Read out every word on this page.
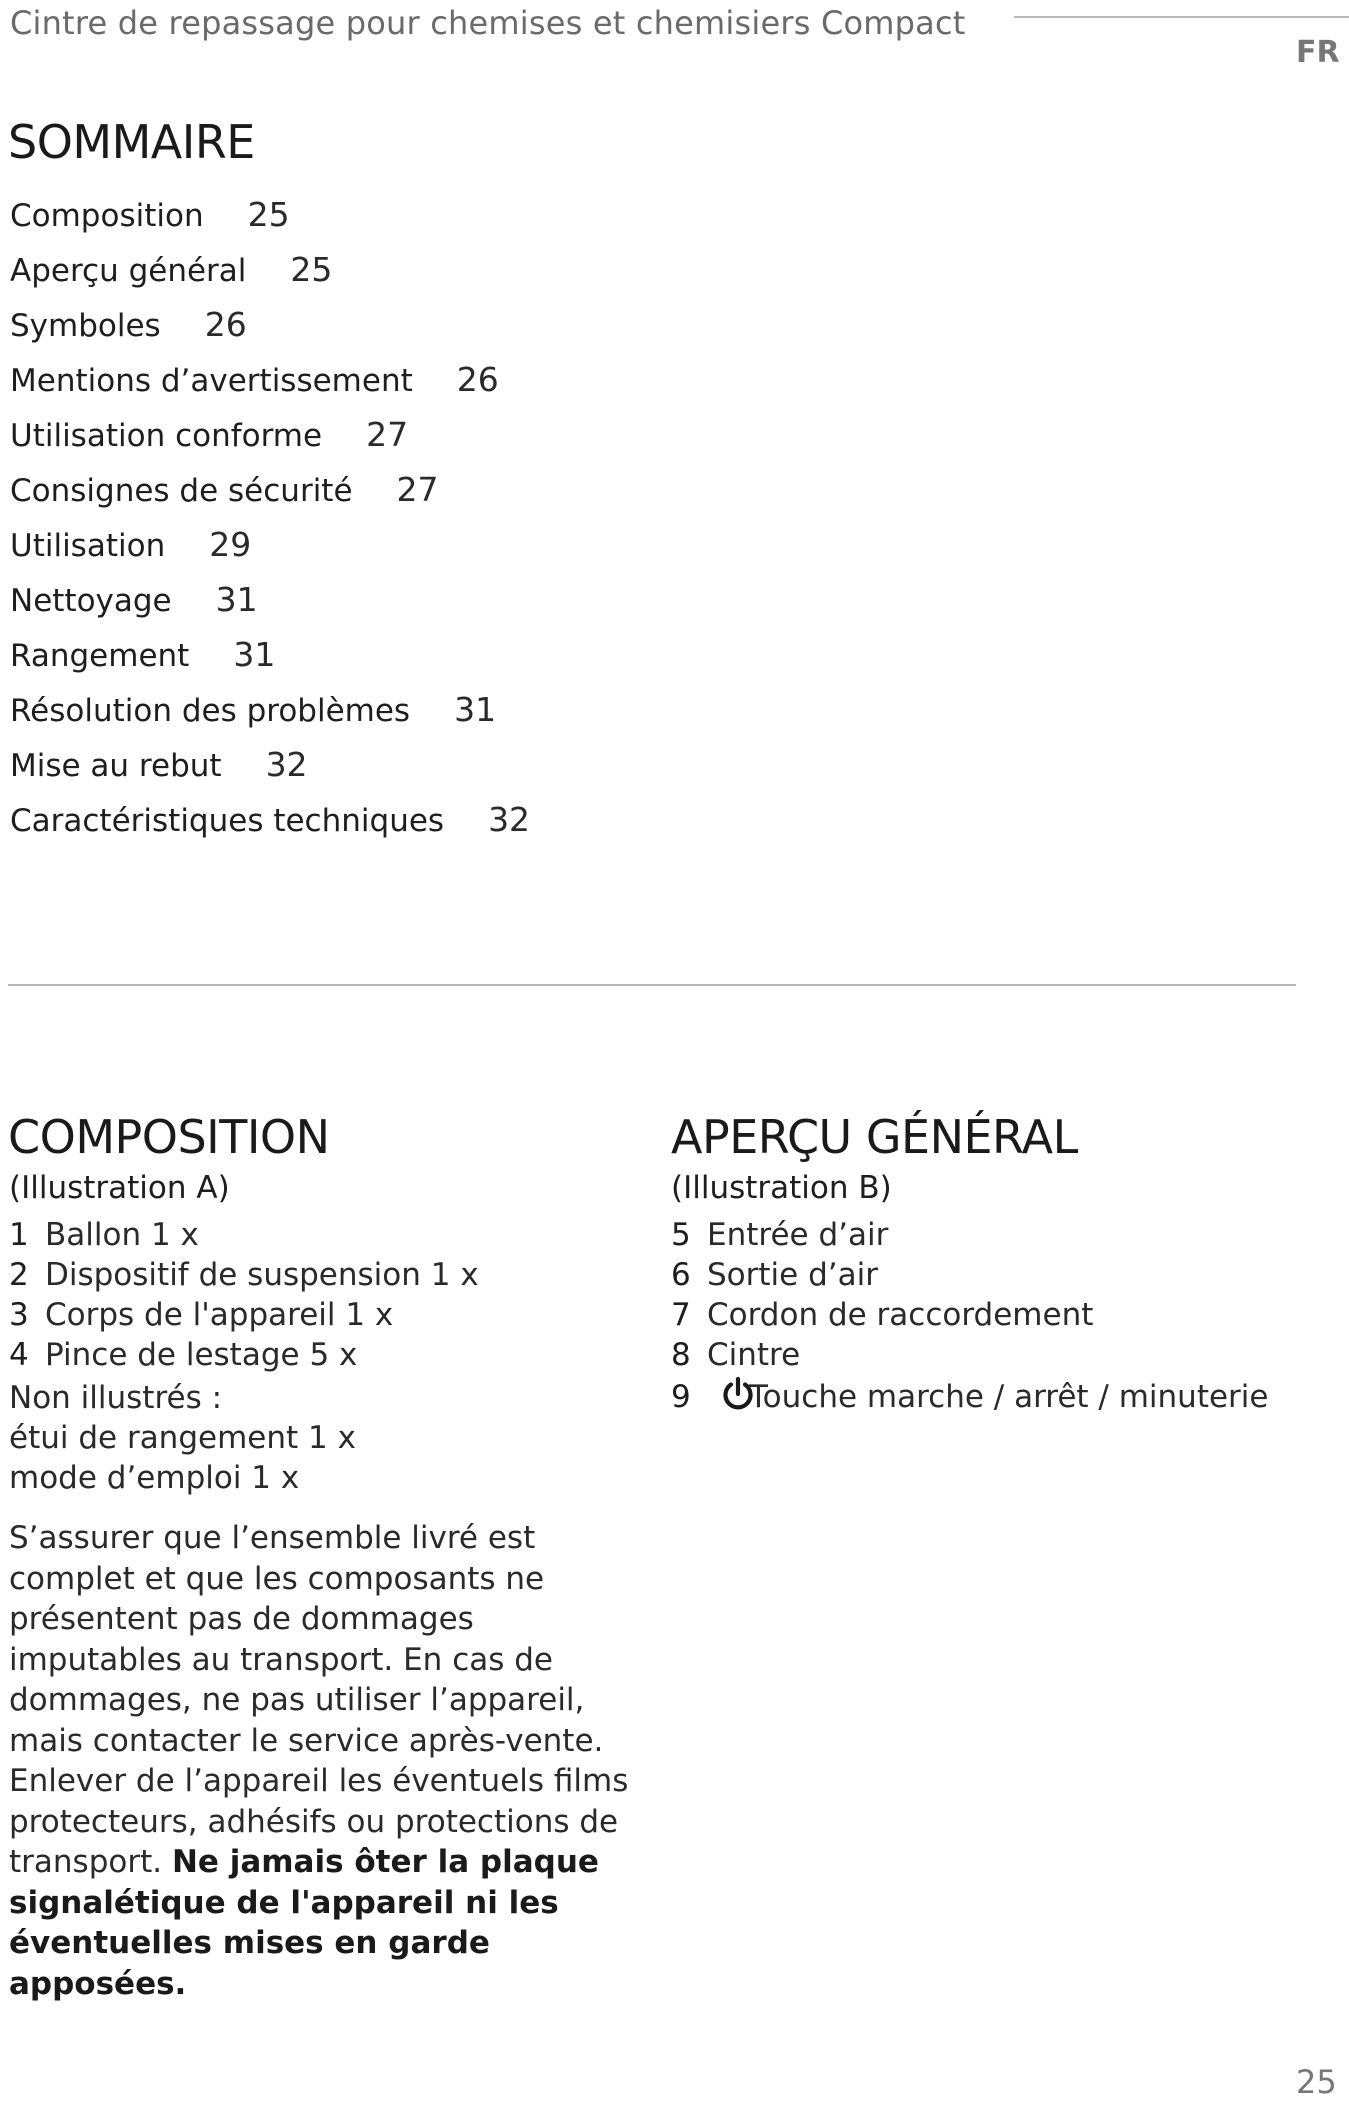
Cintre de repassage pour chemises et chemisiers Compact
FR
SOMMAIRE
Composition 25
Aperçu général 25
Symboles 26
Mentions d’avertissement 26
Utilisation conforme 27
Consignes de sécurité 27
Utilisation 29
Nettoyage 31
Rangement 31
Résolution des problèmes 31
Mise au rebut 32
Caractéristiques techniques 32
COMPOSITION
(Illustration A)
1 Ballon 1 x
2 Dispositif de suspension 1 x
3 Corps de l'appareil 1 x
4 Pince de lestage 5 x
Non illustrés :
étui de rangement 1 x
mode d’emploi 1 x

S’assurer que l’ensemble livré est complet et que les composants ne présentent pas de dommages imputables au transport. En cas de dommages, ne pas utiliser l’appareil, mais contacter le service après-vente.

Enlever de l’appareil les éventuels films protecteurs, adhésifs ou protections de transport. Ne jamais ôter la plaque signalétique de l'appareil ni les éventuelles mises en garde apposées.

APERÇU GÉNÉRAL
(Illustration B)
5 Entrée d’air
6 Sortie d’air
7 Cordon de raccordement
8 Cintre
9 Touche marche / arrêt / minuterie
25
